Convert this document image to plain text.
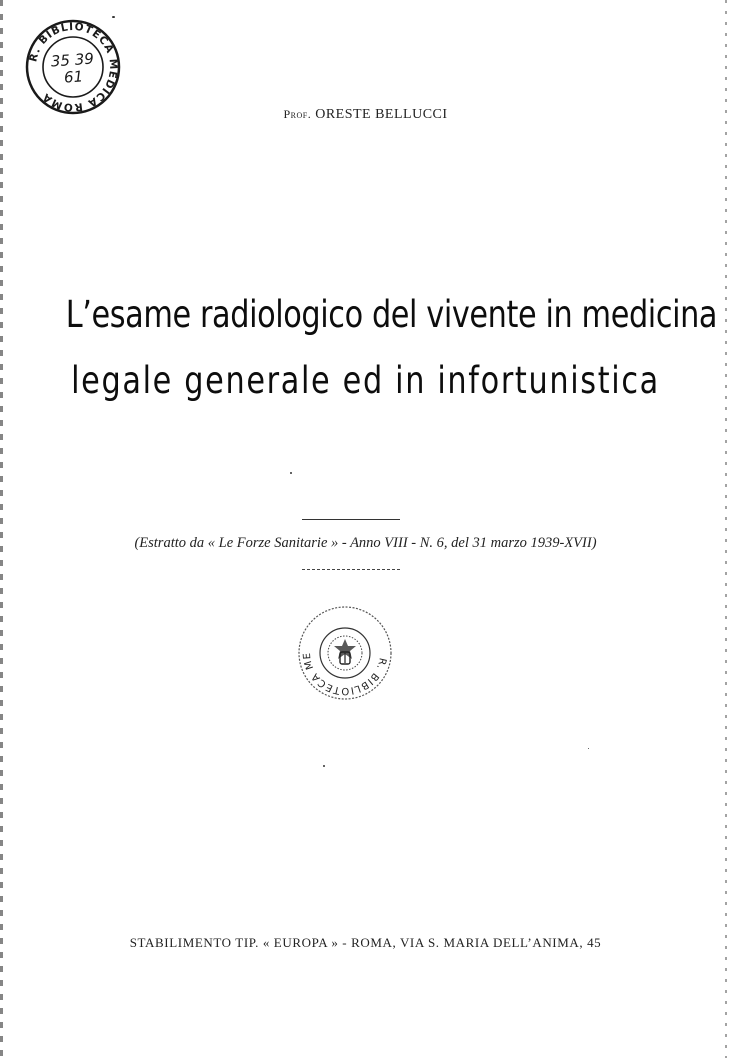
R. BIBLIOTECA MEDICA ROMA
35 39
61
Prof. ORESTE BELLUCCI
L’esame radiologico del vivente in medicina
legale generale ed in infortunistica
(Estratto da « Le Forze Sanitarie » - Anno VIII - N. 6, del 31 marzo 1939-XVII)
R. BIBLIOTECA ME
STABILIMENTO TIP. « EUROPA » - ROMA, VIA S. MARIA DELL’ANIMA, 45
